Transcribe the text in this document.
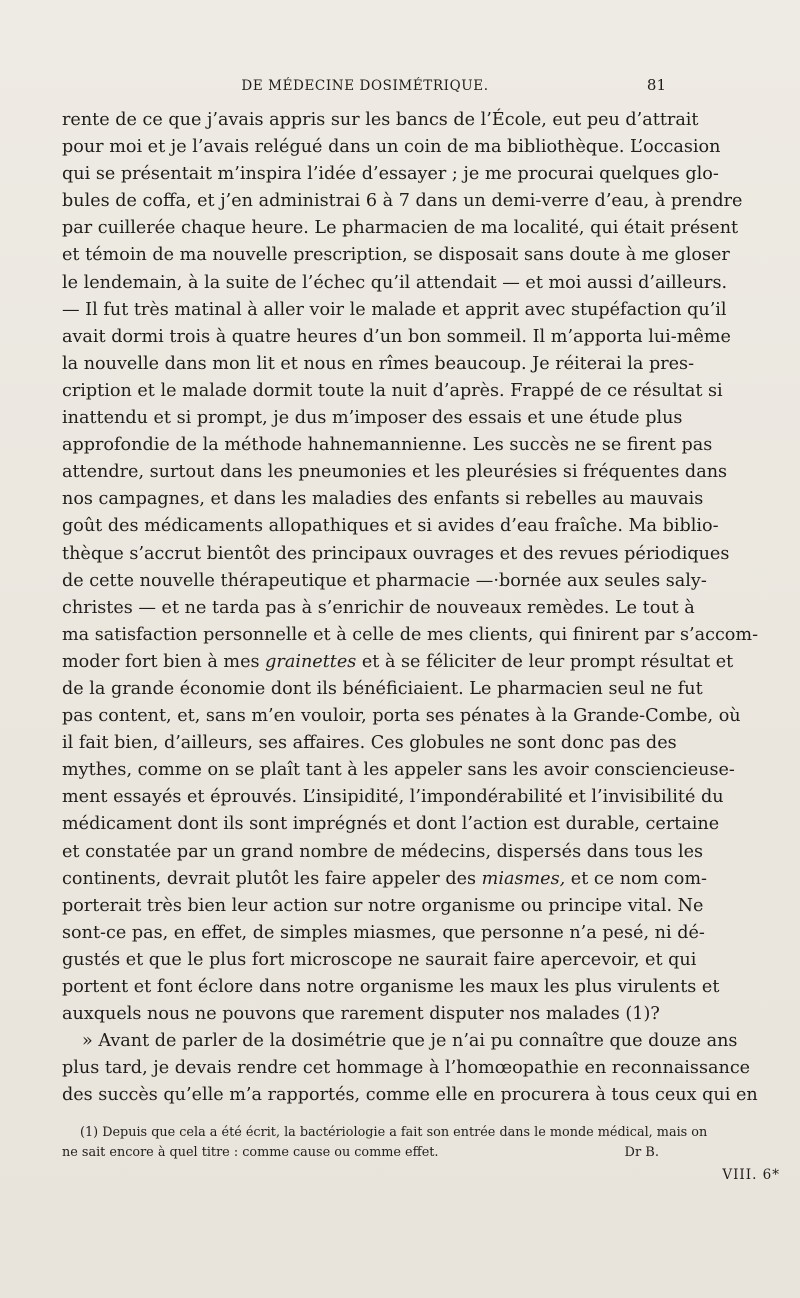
DE MÉDECINE DOSIMÉTRIQUE.	81
rente de ce que j’avais appris sur les bancs de l’École, eut peu d’attrait
pour moi et je l’avais relégué dans un coin de ma bibliothèque. L’occasion
qui se présentait m’inspira l’idée d’essayer ; je me procurai quelques glo-
bules de coffa, et j’en administrai 6 à 7 dans un demi-verre d’eau, à prendre
par cuillerée chaque heure. Le pharmacien de ma localité, qui était présent
et témoin de ma nouvelle prescription, se disposait sans doute à me gloser
le lendemain, à la suite de l’échec qu’il attendait — et moi aussi d’ailleurs.
— Il fut très matinal à aller voir le malade et apprit avec stupéfaction qu’il
avait dormi trois à quatre heures d’un bon sommeil. Il m’apporta lui-même
la nouvelle dans mon lit et nous en rîmes beaucoup. Je réiterai la pres-
cription et le malade dormit toute la nuit d’après. Frappé de ce résultat si
inattendu et si prompt, je dus m’imposer des essais et une étude plus
approfondie de la méthode hahnemannienne. Les succès ne se firent pas
attendre, surtout dans les pneumonies et les pleurésies si fréquentes dans
nos campagnes, et dans les maladies des enfants si rebelles au mauvais
goût des médicaments allopathiques et si avides d’eau fraîche. Ma biblio-
thèque s’accrut bientôt des principaux ouvrages et des revues périodiques
de cette nouvelle thérapeutique et pharmacie —·bornée aux seules saly-
christes — et ne tarda pas à s’enrichir de nouveaux remèdes. Le tout à
ma satisfaction personnelle et à celle de mes clients, qui finirent par s’accom-
moder fort bien à mes grainettes et à se féliciter de leur prompt résultat et
de la grande économie dont ils bénéficiaient. Le pharmacien seul ne fut
pas content, et, sans m’en vouloir, porta ses pénates à la Grande-Combe, où
il fait bien, d’ailleurs, ses affaires. Ces globules ne sont donc pas des
mythes, comme on se plaît tant à les appeler sans les avoir consciencieuse-
ment essayés et éprouvés. L’insipidité, l’impondérabilité et l’invisibilité du
médicament dont ils sont imprégnés et dont l’action est durable, certaine
et constatée par un grand nombre de médecins, dispersés dans tous les
continents, devrait plutôt les faire appeler des miasmes, et ce nom com-
porterait très bien leur action sur notre organisme ou principe vital. Ne
sont-ce pas, en effet, de simples miasmes, que personne n’a pesé, ni dé-
gustés et que le plus fort microscope ne saurait faire apercevoir, et qui
portent et font éclore dans notre organisme les maux les plus virulents et
auxquels nous ne pouvons que rarement disputer nos malades (1)?
» Avant de parler de la dosimétrie que je n’ai pu connaître que douze ans
plus tard, je devais rendre cet hommage à l’homœopathie en reconnaissance
des succès qu’elle m’a rapportés, comme elle en procurera à tous ceux qui en
(1) Depuis que cela a été écrit, la bactériologie a fait son entrée dans le monde médical, mais on
ne sait encore à quel titre : comme cause ou comme effet.	Dr B.
VIII. 6*
